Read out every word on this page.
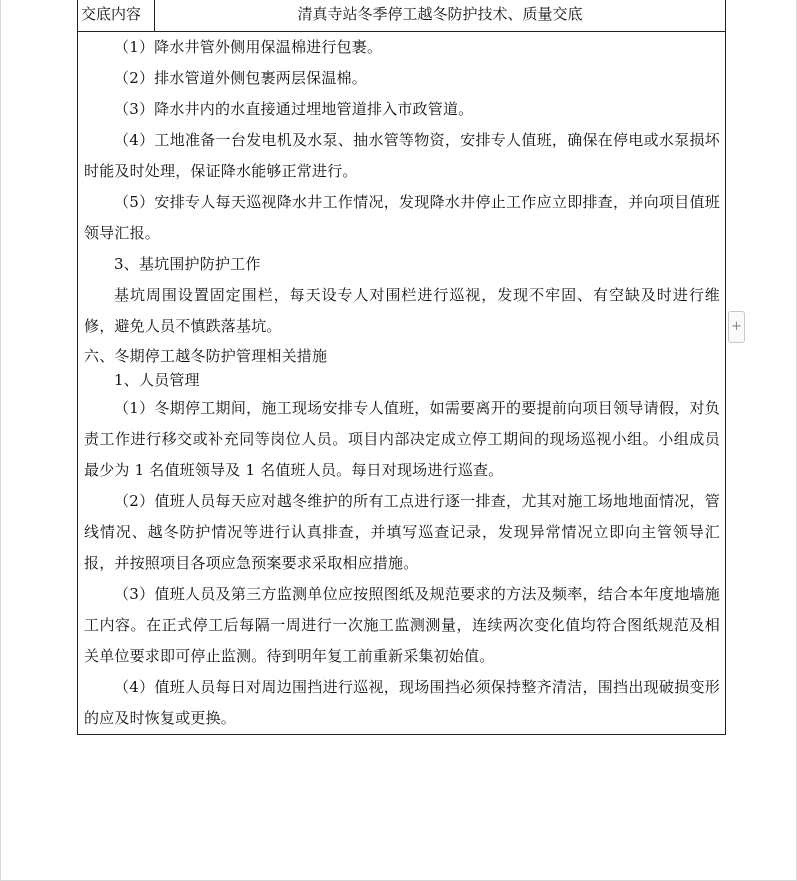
交底内容	清真寺站冬季停工越冬防护技术、质量交底

（1）降水井管外侧用保温棉进行包裹。

（2）排水管道外侧包裹两层保温棉。

（3）降水井内的水直接通过埋地管道排入市政管道。

（4）工地准备一台发电机及水泵、抽水管等物资，安排专人值班，确保在停电或水泵损坏时能及时处理，保证降水能够正常进行。

（5）安排专人每天巡视降水井工作情况，发现降水井停止工作应立即排查，并向项目值班领导汇报。

3、基坑围护防护工作

基坑周围设置固定围栏，每天设专人对围栏进行巡视，发现不牢固、有空缺及时进行维修，避免人员不慎跌落基坑。

六、冬期停工越冬防护管理相关措施

1、人员管理

（1）冬期停工期间，施工现场安排专人值班，如需要离开的要提前向项目领导请假，对负责工作进行移交或补充同等岗位人员。项目内部决定成立停工期间的现场巡视小组。小组成员最少为 1 名值班领导及 1 名值班人员。每日对现场进行巡查。

（2）值班人员每天应对越冬维护的所有工点进行逐一排查，尤其对施工场地地面情况，管线情况、越冬防护情况等进行认真排查，并填写巡查记录，发现异常情况立即向主管领导汇报，并按照项目各项应急预案要求采取相应措施。

（3）值班人员及第三方监测单位应按照图纸及规范要求的方法及频率，结合本年度地墙施工内容。在正式停工后每隔一周进行一次施工监测测量，连续两次变化值均符合图纸规范及相关单位要求即可停止监测。待到明年复工前重新采集初始值。

（4）值班人员每日对周边围挡进行巡视，现场围挡必须保持整齐清洁，围挡出现破损变形的应及时恢复或更换。

+
